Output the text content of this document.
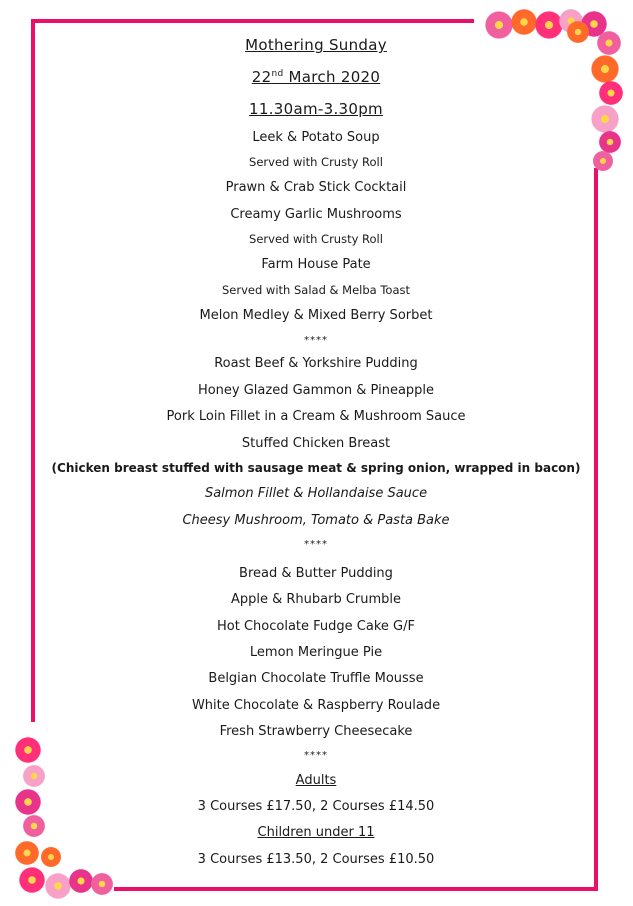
Mothering Sunday
22nd March 2020
11.30am-3.30pm
Leek & Potato Soup
Served with Crusty Roll
Prawn & Crab Stick Cocktail
Creamy Garlic Mushrooms
Served with Crusty Roll
Farm House Pate
Served with Salad & Melba Toast
Melon Medley & Mixed Berry Sorbet
****
Roast Beef & Yorkshire Pudding
Honey Glazed Gammon & Pineapple
Pork Loin Fillet in a Cream & Mushroom Sauce
Stuffed Chicken Breast
(Chicken breast stuffed with sausage meat & spring onion, wrapped in bacon)
Salmon Fillet & Hollandaise Sauce
Cheesy Mushroom, Tomato & Pasta Bake
****
Bread & Butter Pudding
Apple & Rhubarb Crumble
Hot Chocolate Fudge Cake G/F
Lemon Meringue Pie
Belgian Chocolate Truffle Mousse
White Chocolate & Raspberry Roulade
Fresh Strawberry Cheesecake
****
Adults
3 Courses £17.50, 2 Courses £14.50
Children under 11
3 Courses £13.50, 2 Courses £10.50
